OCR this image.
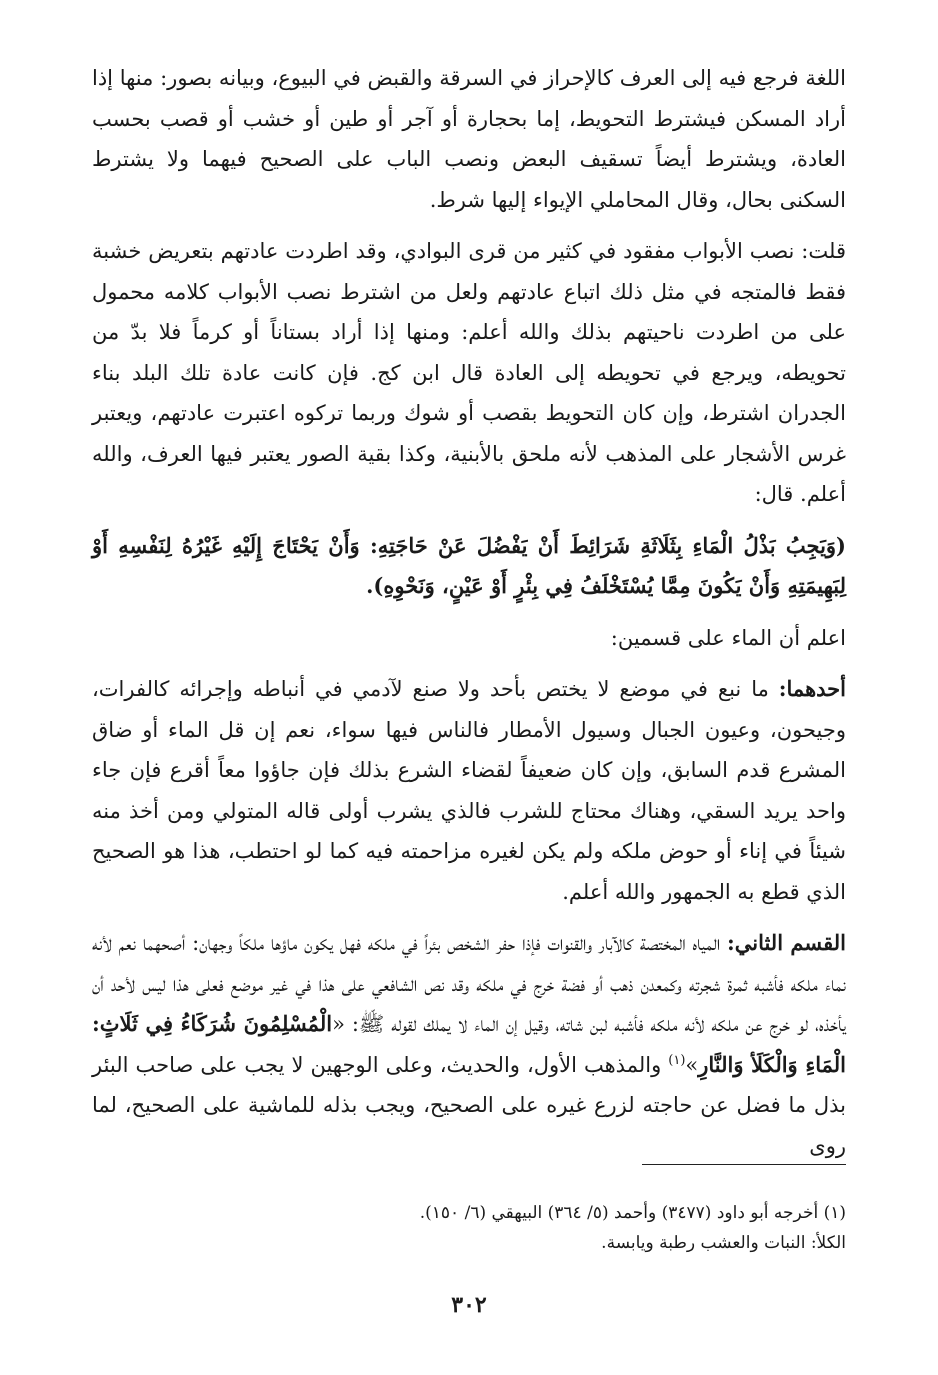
اللغة فرجع فيه إلى العرف كالإحراز في السرقة والقبض في البيوع، وبيانه بصور: منها إذا أراد المسكن فيشترط التحويط، إما بحجارة أو آجر أو طين أو خشب أو قصب بحسب العادة، ويشترط أيضاً تسقيف البعض ونصب الباب على الصحيح فيهما ولا يشترط السكنى بحال، وقال المحاملي الإيواء إليها شرط.

قلت: نصب الأبواب مفقود في كثير من قرى البوادي، وقد اطردت عادتهم بتعريض خشبة فقط فالمتجه في مثل ذلك اتباع عادتهم ولعل من اشترط نصب الأبواب كلامه محمول على من اطردت ناحيتهم بذلك والله أعلم: ومنها إذا أراد بستاناً أو كرماً فلا بدّ من تحويطه، ويرجع في تحويطه إلى العادة قال ابن كج. فإن كانت عادة تلك البلد بناء الجدران اشترط، وإن كان التحويط بقصب أو شوك وربما تركوه اعتبرت عادتهم، ويعتبر غرس الأشجار على المذهب لأنه ملحق بالأبنية، وكذا بقية الصور يعتبر فيها العرف، والله أعلم. قال:

(وَيَجِبُ بَذْلُ الْمَاءِ بِثَلَاثَةِ شَرَائِطَ أَنْ يَفْضُلَ عَنْ حَاجَتِهِ: وَأَنْ يَحْتَاجَ إِلَيْهِ غَيْرُهُ لِنَفْسِهِ أَوْ لِبَهِيمَتِهِ وَأَنْ يَكُونَ مِمَّا يُسْتَخْلَفُ فِي بِئْرٍ أَوْ عَيْنٍ، وَنَحْوِهِ).

اعلم أن الماء على قسمين:

أحدهما: ما نبع في موضع لا يختص بأحد ولا صنع لآدمي في أنباطه وإجرائه كالفرات، وجيحون، وعيون الجبال وسيول الأمطار فالناس فيها سواء، نعم إن قل الماء أو ضاق المشرع قدم السابق، وإن كان ضعيفاً لقضاء الشرع بذلك فإن جاؤوا معاً أقرع فإن جاء واحد يريد السقي، وهناك محتاج للشرب فالذي يشرب أولى قاله المتولي ومن أخذ منه شيئاً في إناء أو حوض ملكه ولم يكن لغيره مزاحمته فيه كما لو احتطب، هذا هو الصحيح الذي قطع به الجمهور والله أعلم.

القسم الثاني: المياه المختصة كالآبار والقنوات فإذا حفر الشخص بئراً في ملكه فهل يكون ماؤها ملكاً وجهان: أصحهما نعم لأنه نماء ملكه فأشبه ثمرة شجرته وكمعدن ذهب أو فضة خرج في ملكه وقد نص الشافعي على هذا في غير موضع فعلى هذا ليس لأحد أن يأخذه، لو خرج عن ملكه لأنه ملكه فأشبه لبن شاته، وقيل إن الماء لا يملك لقوله ﷺ: «الْمُسْلِمُونَ شُرَكَاءُ فِي ثَلَاثٍ: الْمَاءِ وَالْكَلَأ وَالنَّارِ»$^{(١)}$ والمذهب الأول، والحديث، وعلى الوجهين لا يجب على صاحب البئر بذل ما فضل عن حاجته لزرع غيره على الصحيح، ويجب بذله للماشية على الصحيح، لما روى

(١) أخرجه أبو داود (٣٤٧٧) وأحمد (٥/ ٣٦٤) البيهقي (٦/ ١٥٠).

الكلأ: النبات والعشب رطبة ويابسة.

٣٠٢
